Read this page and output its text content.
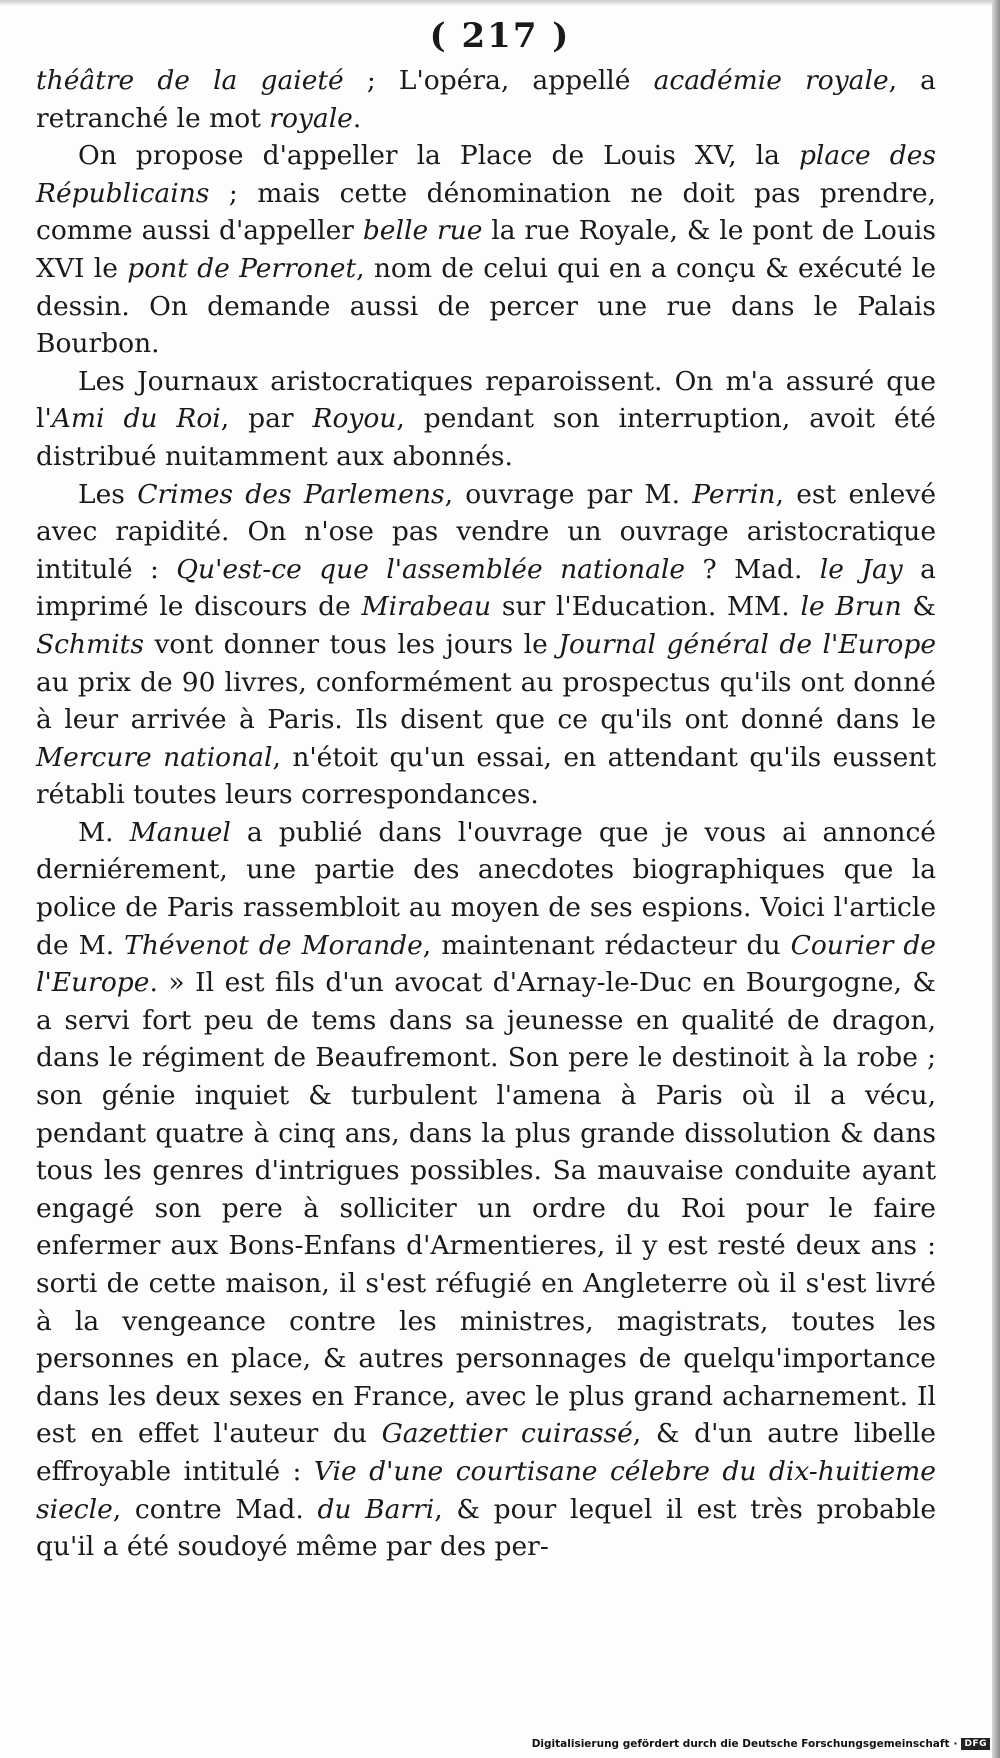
( 217 )

théâtre de la gaieté ; L'opéra, appellé académie royale, a retranché le mot royale.

On propose d'appeller la Place de Louis XV, la place des Républicains ; mais cette dénomination ne doit pas prendre, comme aussi d'appeller belle rue la rue Royale, & le pont de Louis XVI le pont de Perronet, nom de celui qui en a conçu & exécuté le dessin. On demande aussi de percer une rue dans le Palais Bourbon.

Les Journaux aristocratiques reparoissent. On m'a assuré que l'Ami du Roi, par Royou, pendant son interruption, avoit été distribué nuitamment aux abonnés.

Les Crimes des Parlemens, ouvrage par M. Perrin, est enlevé avec rapidité. On n'ose pas vendre un ouvrage aristocratique intitulé : Qu'est-ce que l'assemblée nationale ? Mad. le Jay a imprimé le discours de Mirabeau sur l'Education. MM. le Brun & Schmits vont donner tous les jours le Journal général de l'Europe au prix de 90 livres, conformément au prospectus qu'ils ont donné à leur arrivée à Paris. Ils disent que ce qu'ils ont donné dans le Mercure national, n'étoit qu'un essai, en attendant qu'ils eussent rétabli toutes leurs correspondances.

M. Manuel a publié dans l'ouvrage que je vous ai annoncé derniérement, une partie des anecdotes biographiques que la police de Paris rassembloit au moyen de ses espions. Voici l'article de M. Thévenot de Morande, maintenant rédacteur du Courier de l'Europe. » Il est fils d'un avocat d'Arnay-le-Duc en Bourgogne, & a servi fort peu de tems dans sa jeunesse en qualité de dragon, dans le régiment de Beaufremont. Son pere le destinoit à la robe ; son génie inquiet & turbulent l'amena à Paris où il a vécu, pendant quatre à cinq ans, dans la plus grande dissolution & dans tous les genres d'intrigues possibles. Sa mauvaise conduite ayant engagé son pere à solliciter un ordre du Roi pour le faire enfermer aux Bons-Enfans d'Armentieres, il y est resté deux ans : sorti de cette maison, il s'est réfugié en Angleterre où il s'est livré à la vengeance contre les ministres, magistrats, toutes les personnes en place, & autres personnages de quelqu'importance dans les deux sexes en France, avec le plus grand acharnement. Il est en effet l'auteur du Gazettier cuirassé, & d'un autre libelle effroyable intitulé : Vie d'une courtisane célebre du dix-huitieme siecle, contre Mad. du Barri, & pour lequel il est très probable qu'il a été soudoyé même par des per-

Digitalisierung gefördert durch die Deutsche Forschungsgemeinschaft · DFG
